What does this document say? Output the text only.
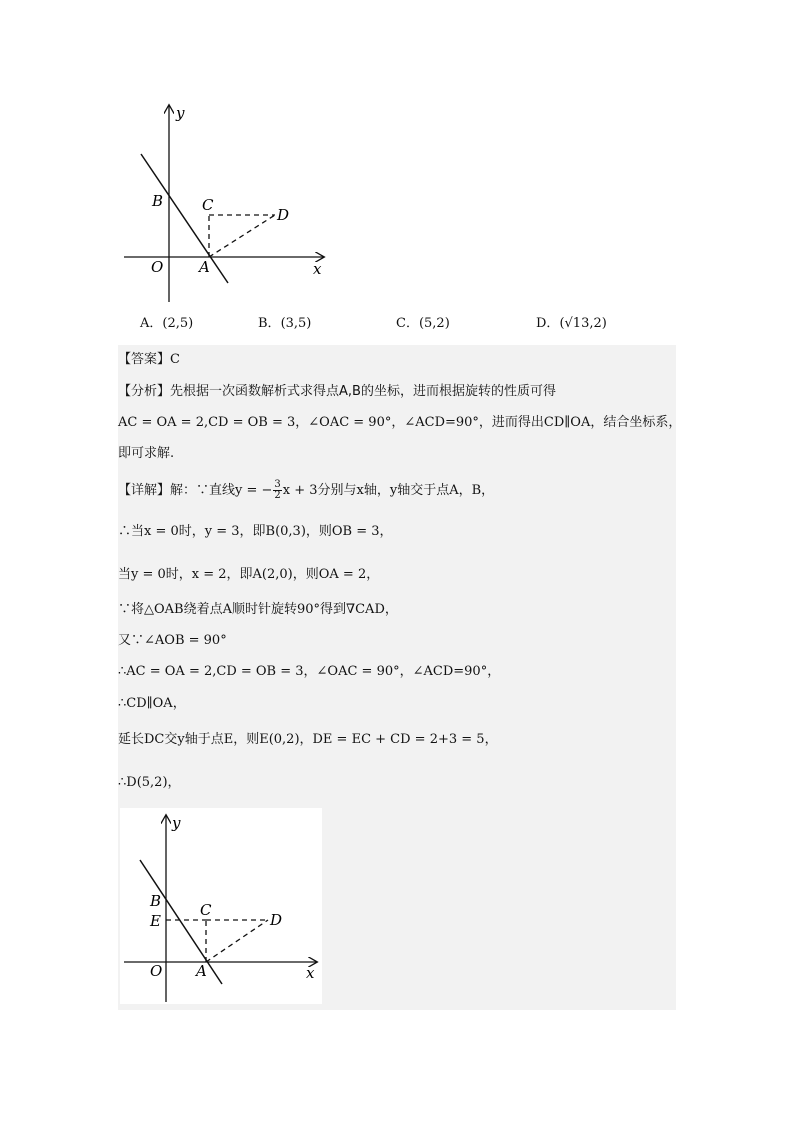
y
x
O A
B	C
D
A．(2,5)	B．(3,5)	C．(5,2)	D．(√13,2)
【答案】C
【分析】先根据一次函数解析式求得点A,B的坐标，进而根据旋转的性质可得
AC = OA = 2,CD = OB = 3，∠OAC = 90°，∠ACD=90°，进而得出CD∥OA，结合坐标系，
即可求解.
【详解】解：∵直线y = − $\frac{3}{2}$ x + 3分别与x轴，y轴交于点A，B，
∴当x = 0时，y = 3，即B(0,3)，则OB = 3，
当y = 0时，x = 2，即A(2,0)，则OA = 2，
∵将△OAB绕着点A顺时针旋转90°得到∇CAD，
又∵∠AOB = 90°
∴AC = OA = 2,CD = OB = 3，∠OAC = 90°，∠ACD=90°，
∴CD∥OA，
延长DC交y轴于点E，则E(0,2)，DE = EC + CD = 2+3 = 5，
∴D(5,2)，
y
x
O A
B
E
C
D
